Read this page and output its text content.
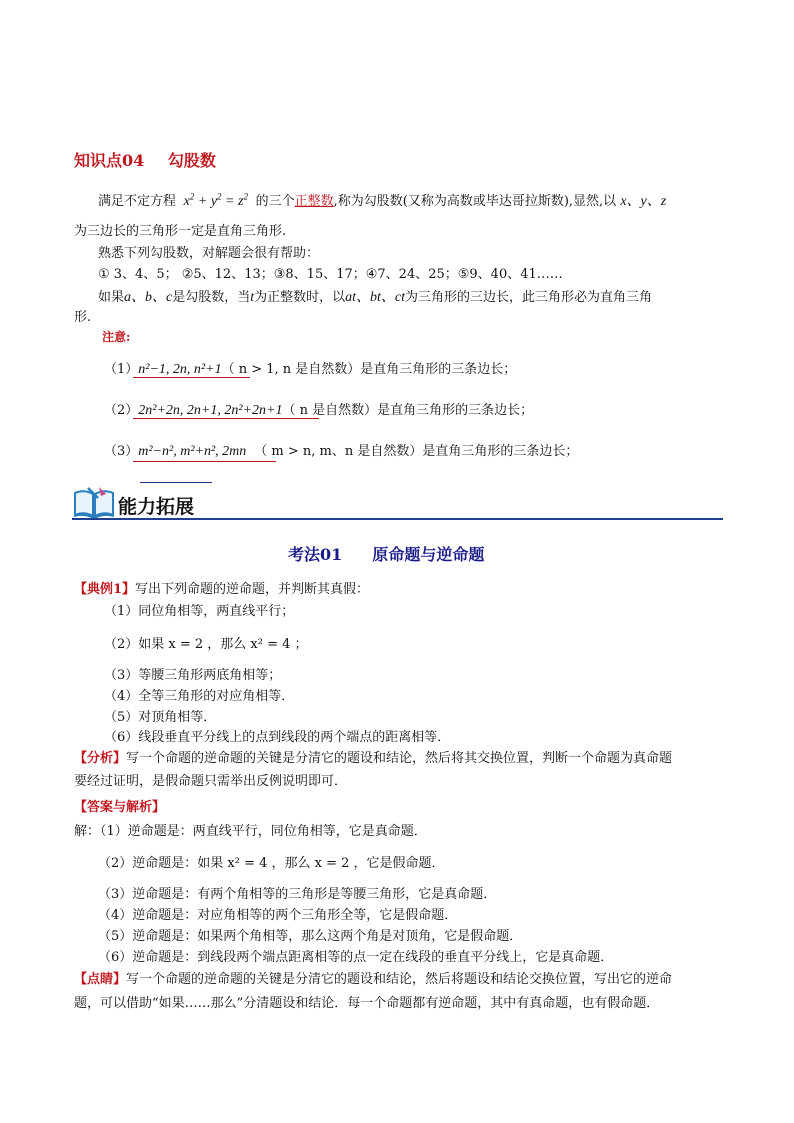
知识点04 勾股数
满足不定方程  $x^2 + y^2 = z^2$ 的三个正整数,称为勾股数(又称为高数或毕达哥拉斯数),显然,以 x、y、z
为三边长的三角形一定是直角三角形.
熟悉下列勾股数，对解题会很有帮助：
① 3、4、5； ②5、12、13；③8、15、17；④7、24、25；⑤9、40、41……
如果a、b、c是勾股数，当t为正整数时，以at、bt、ct为三角形的三边长，此三角形必为直角三角
形.
注意:
（1）n²−1, 2n, n²+1（ n > 1, n 是自然数）是直角三角形的三条边长；
（2）2n²+2n, 2n+1, 2n²+2n+1（ n 是自然数）是直角三角形的三条边长；
（3）m²−n², m²+n², 2mn （ m > n, m、n 是自然数）是直角三角形的三条边长；
能力拓展
考法01 原命题与逆命题
【典例1】写出下列命题的逆命题，并判断其真假：
（1）同位角相等，两直线平行；
（2）如果 x = 2 ，那么 x² = 4 ；
（3）等腰三角形两底角相等；
（4）全等三角形的对应角相等．
（5）对顶角相等．
（6）线段垂直平分线上的点到线段的两个端点的距离相等．
【分析】写一个命题的逆命题的关键是分清它的题设和结论，然后将其交换位置，判断一个命题为真命题
要经过证明，是假命题只需举出反例说明即可．
【答案与解析】
解：（1）逆命题是：两直线平行，同位角相等，它是真命题．
（2）逆命题是：如果 x² = 4 ，那么 x = 2 ，它是假命题．
（3）逆命题是：有两个角相等的三角形是等腰三角形，它是真命题．
（4）逆命题是：对应角相等的两个三角形全等，它是假命题．
（5）逆命题是：如果两个角相等，那么这两个角是对顶角，它是假命题．
（6）逆命题是：到线段两个端点距离相等的点一定在线段的垂直平分线上，它是真命题．
【点睛】写一个命题的逆命题的关键是分清它的题设和结论，然后将题设和结论交换位置，写出它的逆命
题，可以借助“如果……那么”分清题设和结论．每一个命题都有逆命题，其中有真命题，也有假命题．
